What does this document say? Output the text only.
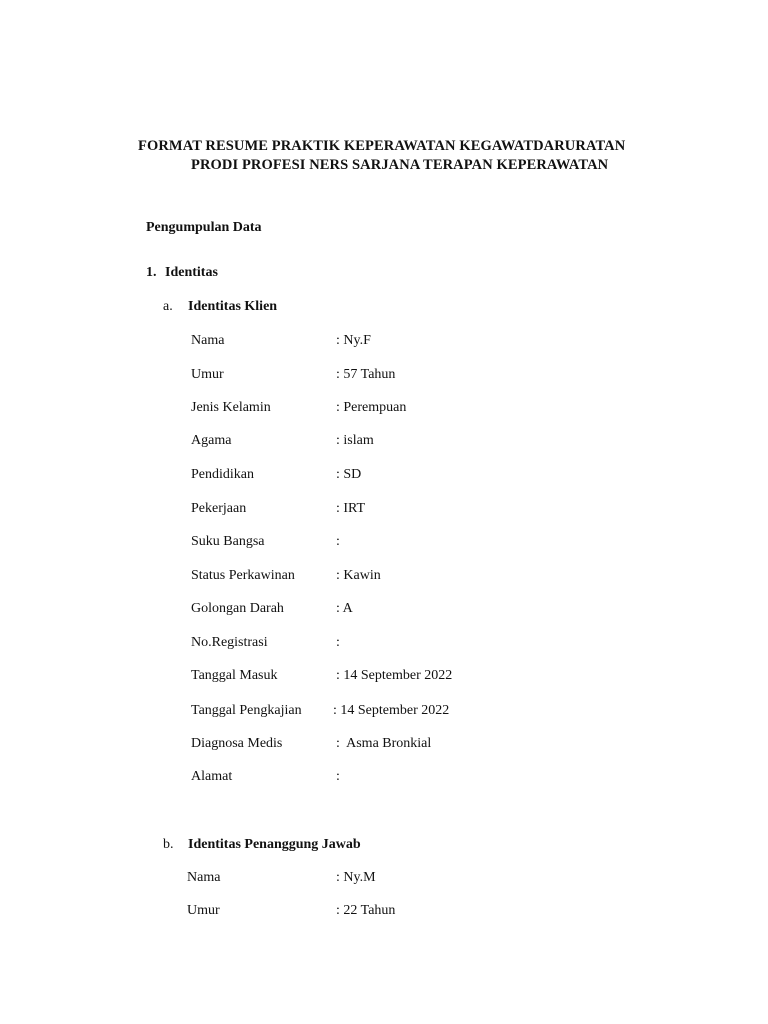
FORMAT RESUME PRAKTIK KEPERAWATAN KEGAWATDARURATAN
PRODI PROFESI NERS SARJANA TERAPAN KEPERAWATAN
Pengumpulan Data
1. Identitas
a. Identitas Klien
Nama	: Ny.F
Umur	: 57 Tahun
Jenis Kelamin	: Perempuan
Agama	: islam
Pendidikan	: SD
Pekerjaan	: IRT
Suku Bangsa	:
Status Perkawinan	: Kawin
Golongan Darah	: A
No.Registrasi	:
Tanggal Masuk	: 14 September 2022
Tanggal Pengkajian : 14 September 2022
Diagnosa Medis	:  Asma Bronkial
Alamat	:
b. Identitas Penanggung Jawab
Nama	: Ny.M
Umur	: 22 Tahun
